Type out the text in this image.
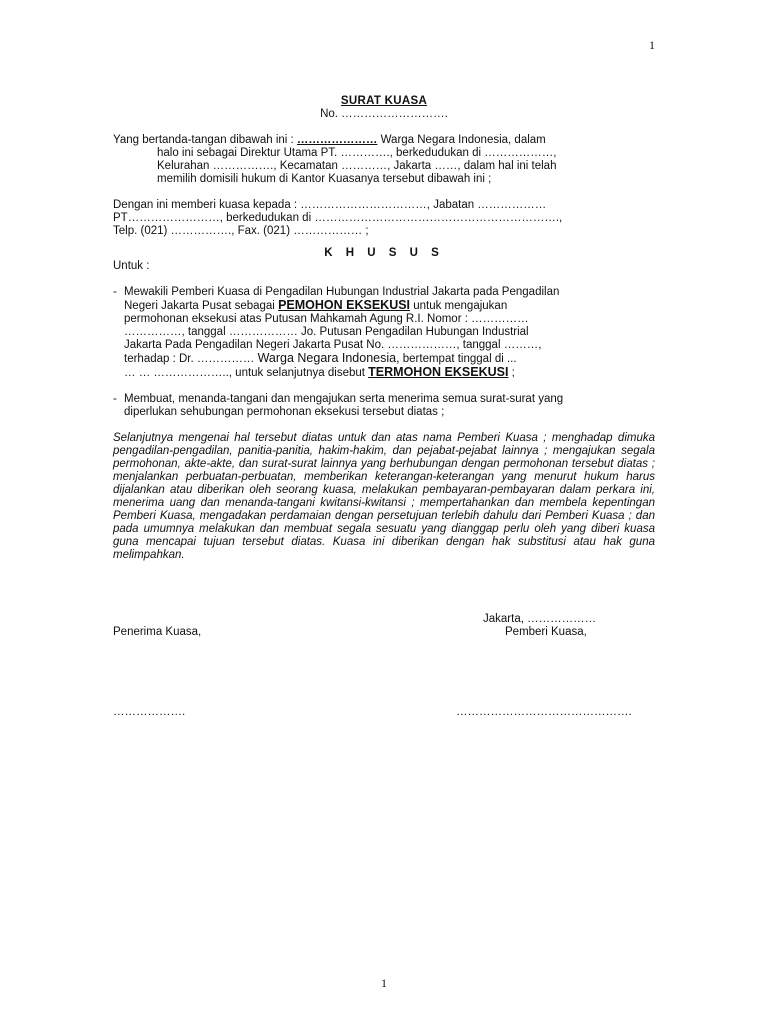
1
SURAT KUASA
No. ……………………….
Yang bertanda-tangan dibawah ini : ………………… Warga Negara Indonesia, dalam
halo ini sebagai Direktur Utama PT. …………., berkedudukan di ………………,
Kelurahan ……………., Kecamatan …………, Jakarta ……, dalam hal ini telah
memilih domisili hukum di Kantor Kuasanya tersebut dibawah ini ;
Dengan ini memberi kuasa kepada : ……………………………, Jabatan ………………
PT……………………, berkedudukan di ……………………………………………………….,
Telp. (021) ……………., Fax. (021) ……………… ;
K H U S U S
Untuk :
- Mewakili Pemberi Kuasa di Pengadilan Hubungan Industrial Jakarta pada Pengadilan
Negeri Jakarta Pusat sebagai PEMOHON EKSEKUSI untuk mengajukan
permohonan eksekusi atas Putusan Mahkamah Agung R.I. Nomor : ……………
……………, tanggal ……………… Jo. Putusan Pengadilan Hubungan Industrial
Jakarta Pada Pengadilan Negeri Jakarta Pusat No. ………………, tanggal ………,
terhadap : Dr. …………… Warga Negara Indonesia, bertempat tinggal di ...
… … ……………….., untuk selanjutnya disebut TERMOHON EKSEKUSI ;
- Membuat, menanda-tangani dan mengajukan serta menerima semua surat-surat yang
diperlukan sehubungan permohonan eksekusi tersebut diatas ;
Selanjutnya mengenai hal tersebut diatas untuk dan atas nama Pemberi Kuasa ; menghadap dimuka pengadilan-pengadilan, panitia-panitia, hakim-hakim, dan pejabat-pejabat lainnya ; mengajukan segala permohonan, akte-akte, dan surat-surat lainnya yang berhubungan dengan permohonan tersebut diatas ; menjalankan perbuatan-perbuatan, memberikan keterangan-keterangan yang menurut hukum harus dijalankan atau diberikan oleh seorang kuasa, melakukan pembayaran-pembayaran dalam perkara ini, menerima uang dan menanda-tangani kwitansi-kwitansi ; mempertahankan dan membela kepentingan Pemberi Kuasa, mengadakan perdamaian dengan persetujuan terlebih dahulu dari Pemberi Kuasa ; dan pada umumnya melakukan dan membuat segala sesuatu yang dianggap perlu oleh yang diberi kuasa guna mencapai tujuan tersebut diatas. Kuasa ini diberikan dengan hak substitusi atau hak guna melimpahkan.
Jakarta, ………………
Penerima Kuasa,	Pemberi Kuasa,
……………….	……………………………………….
1
